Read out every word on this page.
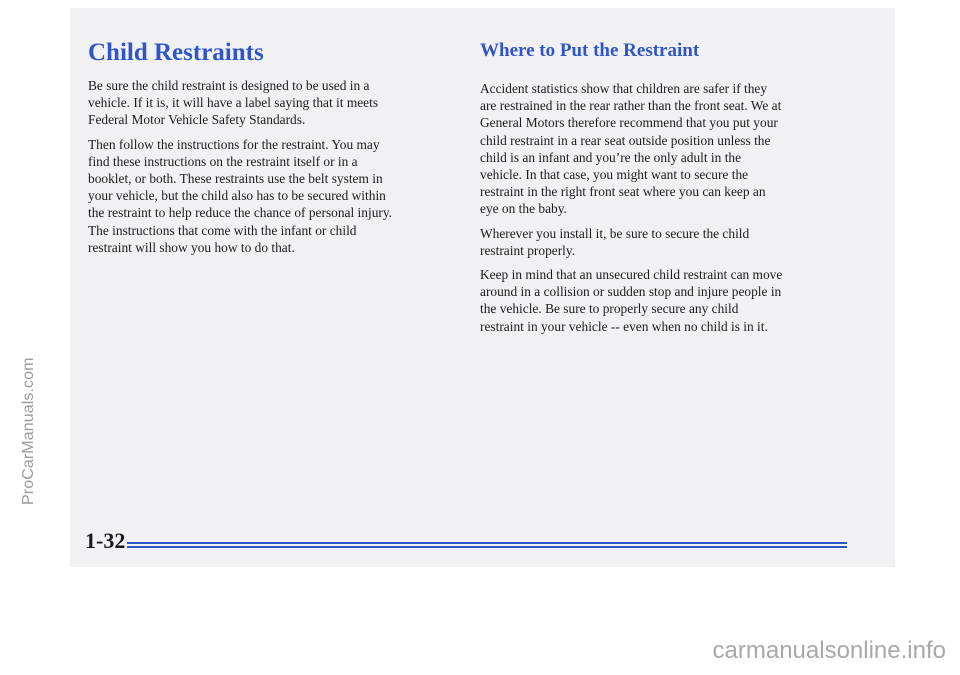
Child Restraints

Be sure the child restraint is designed to be used in a
vehicle. If it is, it will have a label saying that it meets
Federal Motor Vehicle Safety Standards.

Then follow the instructions for the restraint. You may
find these instructions on the restraint itself or in a
booklet, or both. These restraints use the belt system in
your vehicle, but the child also has to be secured within
the restraint to help reduce the chance of personal injury.
The instructions that come with the infant or child
restraint will show you how to do that.

Where to Put the Restraint

Accident statistics show that children are safer if they
are restrained in the rear rather than the front seat. We at
General Motors therefore recommend that you put your
child restraint in a rear seat outside position unless the
child is an infant and you’re the only adult in the
vehicle. In that case, you might want to secure the
restraint in the right front seat where you can keep an
eye on the baby.

Wherever you install it, be sure to secure the child
restraint properly.

Keep in mind that an unsecured child restraint can move
around in a collision or sudden stop and injure people in
the vehicle. Be sure to properly secure any child
restraint in your vehicle -- even when no child is in it.

1-32
ProCarManuals.com
carmanualsonline.info
